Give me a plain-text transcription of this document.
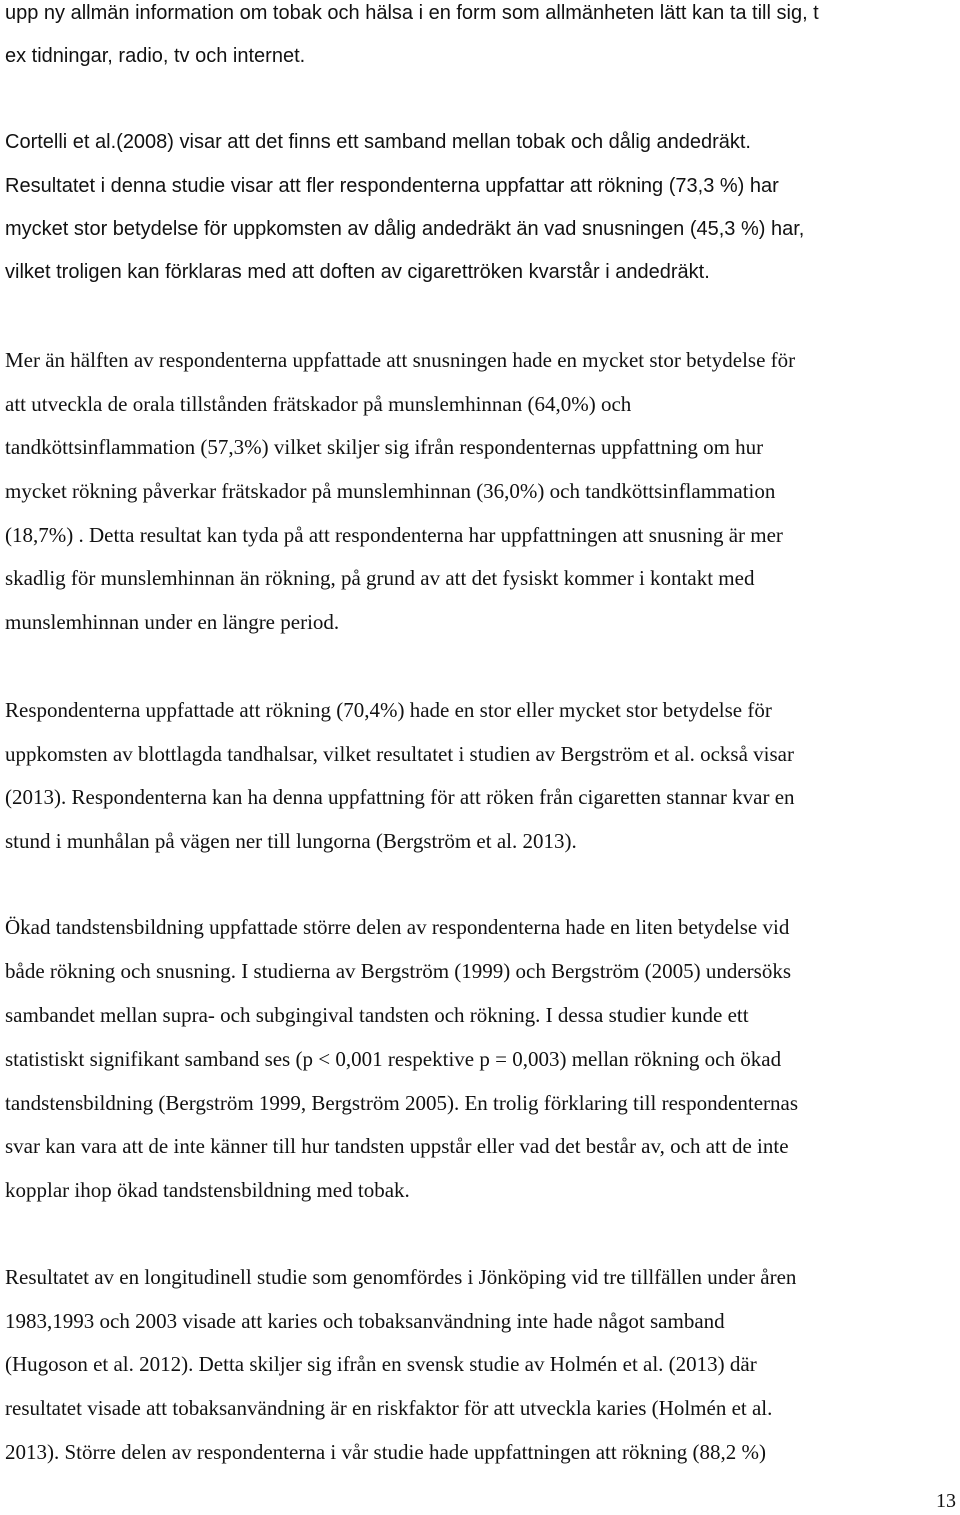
upp ny allmän information om tobak och hälsa i en form som allmänheten lätt kan ta till sig, t
ex tidningar, radio, tv och internet.
Cortelli et al.(2008) visar att det finns ett samband mellan tobak och dålig andedräkt.
Resultatet i denna studie visar att fler respondenterna uppfattar att rökning (73,3 %) har
mycket stor betydelse för uppkomsten av dålig andedräkt än vad snusningen (45,3 %) har,
vilket troligen kan förklaras med att doften av cigarettröken kvarstår i andedräkt.
Mer än hälften av respondenterna uppfattade att snusningen hade en mycket stor betydelse för
att utveckla de orala tillstånden frätskador på munslemhinnan (64,0%) och
tandköttsinflammation (57,3%) vilket skiljer sig ifrån respondenternas uppfattning om hur
mycket rökning påverkar frätskador på munslemhinnan (36,0%) och tandköttsinflammation
(18,7%) . Detta resultat kan tyda på att respondenterna har uppfattningen att snusning är mer
skadlig för munslemhinnan än rökning, på grund av att det fysiskt kommer i kontakt med
munslemhinnan under en längre period.
Respondenterna uppfattade att rökning (70,4%) hade en stor eller mycket stor betydelse för
uppkomsten av blottlagda tandhalsar, vilket resultatet i studien av Bergström et al. också visar
(2013). Respondenterna kan ha denna uppfattning för att röken från cigaretten stannar kvar en
stund i munhålan på vägen ner till lungorna (Bergström et al. 2013).
Ökad tandstensbildning uppfattade större delen av respondenterna hade en liten betydelse vid
både rökning och snusning. I studierna av Bergström (1999) och Bergström (2005) undersöks
sambandet mellan supra- och subgingival tandsten och rökning. I dessa studier kunde ett
statistiskt signifikant samband ses (p < 0,001 respektive p = 0,003) mellan rökning och ökad
tandstensbildning (Bergström 1999, Bergström 2005). En trolig förklaring till respondenternas
svar kan vara att de inte känner till hur tandsten uppstår eller vad det består av, och att de inte
kopplar ihop ökad tandstensbildning med tobak.
Resultatet av en longitudinell studie som genomfördes i Jönköping vid tre tillfällen under åren
1983,1993 och 2003 visade att karies och tobaksanvändning inte hade något samband
(Hugoson et al. 2012). Detta skiljer sig ifrån en svensk studie av Holmén et al. (2013) där
resultatet visade att tobaksanvändning är en riskfaktor för att utveckla karies (Holmén et al.
2013). Större delen av respondenterna i vår studie hade uppfattningen att rökning (88,2 %)
13
